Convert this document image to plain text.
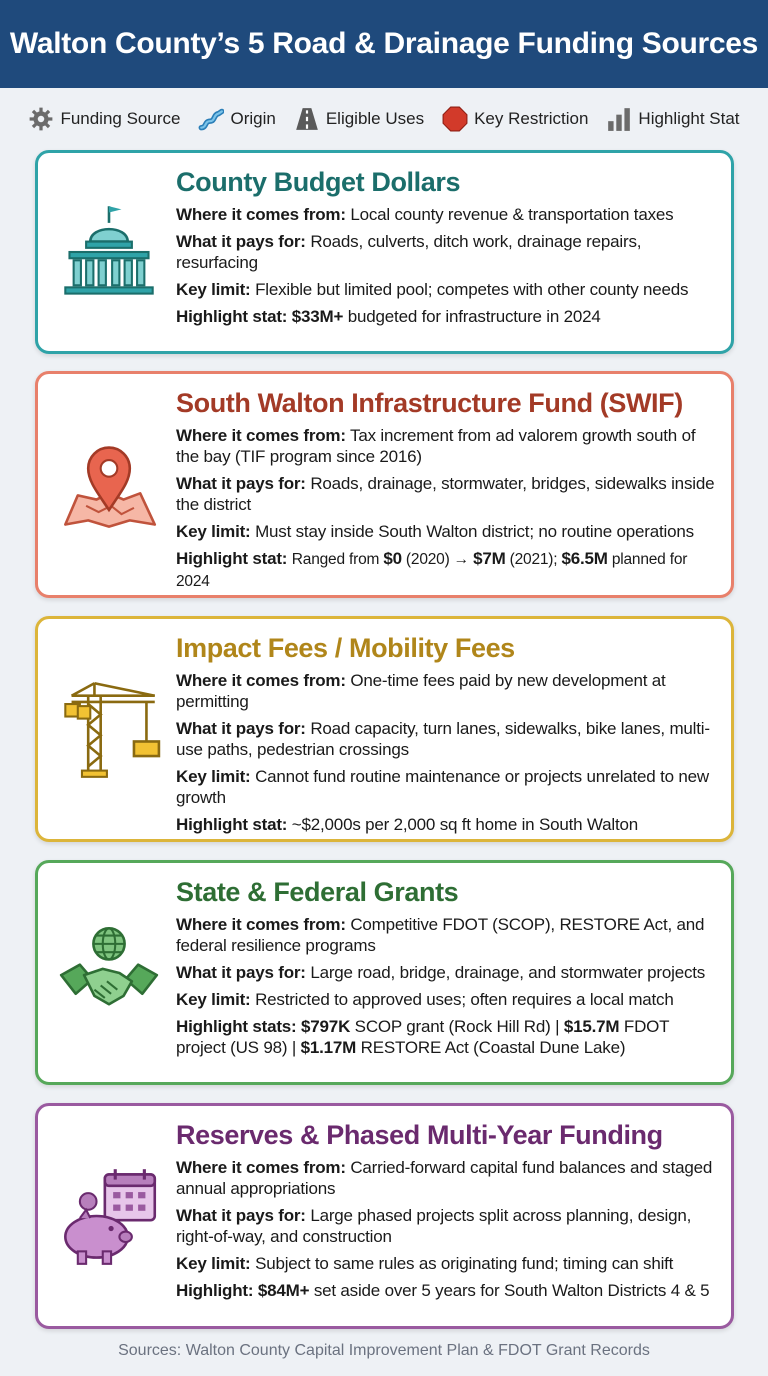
Walton County’s 5 Road & Drainage Funding Sources
Funding Source	Origin	Eligible Uses	Key Restriction	Highlight Stat
County Budget Dollars
Where it comes from: Local county revenue & transportation taxes
What it pays for: Roads, culverts, ditch work, drainage repairs, resurfacing
Key limit: Flexible but limited pool; competes with other county needs
Highlight stat: $33M+ budgeted for infrastructure in 2024
South Walton Infrastructure Fund (SWIF)
Where it comes from: Tax increment from ad valorem growth south of the bay (TIF program since 2016)
What it pays for: Roads, drainage, stormwater, bridges, sidewalks inside the district
Key limit: Must stay inside South Walton district; no routine operations
Highlight stat: Ranged from $0 (2020) → $7M (2021); $6.5M planned for 2024
Impact Fees / Mobility Fees
Where it comes from: One-time fees paid by new development at permitting
What it pays for: Road capacity, turn lanes, sidewalks, bike lanes, multi-use paths, pedestrian crossings
Key limit: Cannot fund routine maintenance or projects unrelated to new growth
Highlight stat: ~$2,000s per 2,000 sq ft home in South Walton
State & Federal Grants
Where it comes from: Competitive FDOT (SCOP), RESTORE Act, and federal resilience programs
What it pays for: Large road, bridge, drainage, and stormwater projects
Key limit: Restricted to approved uses; often requires a local match
Highlight stats: $797K SCOP grant (Rock Hill Rd) | $15.7M FDOT project (US 98) | $1.17M RESTORE Act (Coastal Dune Lake)
Reserves & Phased Multi-Year Funding
Where it comes from: Carried-forward capital fund balances and staged annual appropriations
What it pays for: Large phased projects split across planning, design, right-of-way, and construction
Key limit: Subject to same rules as originating fund; timing can shift
Highlight: $84M+ set aside over 5 years for South Walton Districts 4 & 5
Sources: Walton County Capital Improvement Plan & FDOT Grant Records
